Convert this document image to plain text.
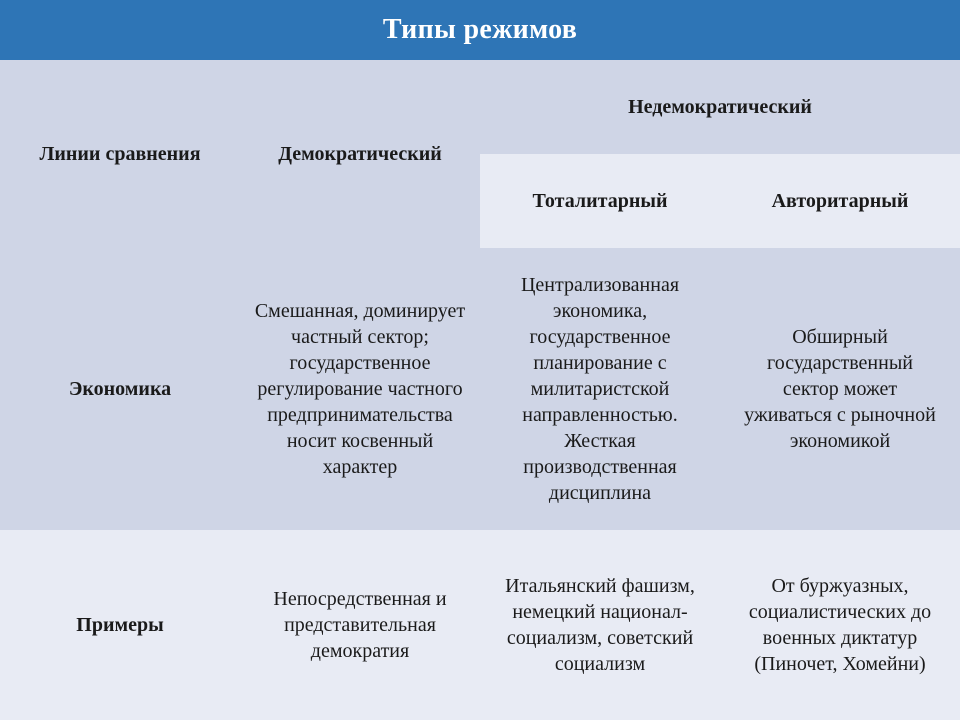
Типы режимов
Линии сравнения	Демократический
Недемократический
Тоталитарный	Авторитарный
Экономика
Смешанная, доминирует частный сектор; государственное регулирование частного предпринимательства носит косвенный характер
Централизованная экономика, государственное планирование с милитаристской направленностью. Жесткая производственная дисциплина
Обширный государственный сектор может уживаться с рыночной экономикой
Примеры
Непосредственная и представительная демократия
Итальянский фашизм, немецкий национал-социализм, советский социализм
От буржуазных, социалистических до военных диктатур (Пиночет, Хомейни)
